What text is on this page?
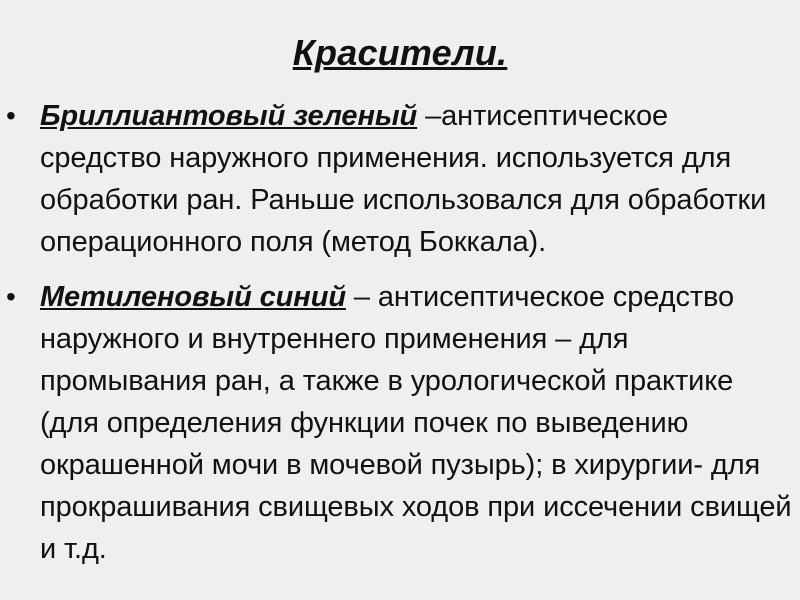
Красители.
• Бриллиантовый зеленый –антисептическое средство наружного применения. используется для обработки ран. Раньше использовался для обработки операционного поля (метод Боккала).
• Метиленовый синий – антисептическое средство наружного и внутреннего применения – для промывания ран, а также в урологической практике (для определения функции почек по выведению окрашенной мочи в мочевой пузырь); в хирургии- для прокрашивания свищевых ходов при иссечении свищей и т.д.
